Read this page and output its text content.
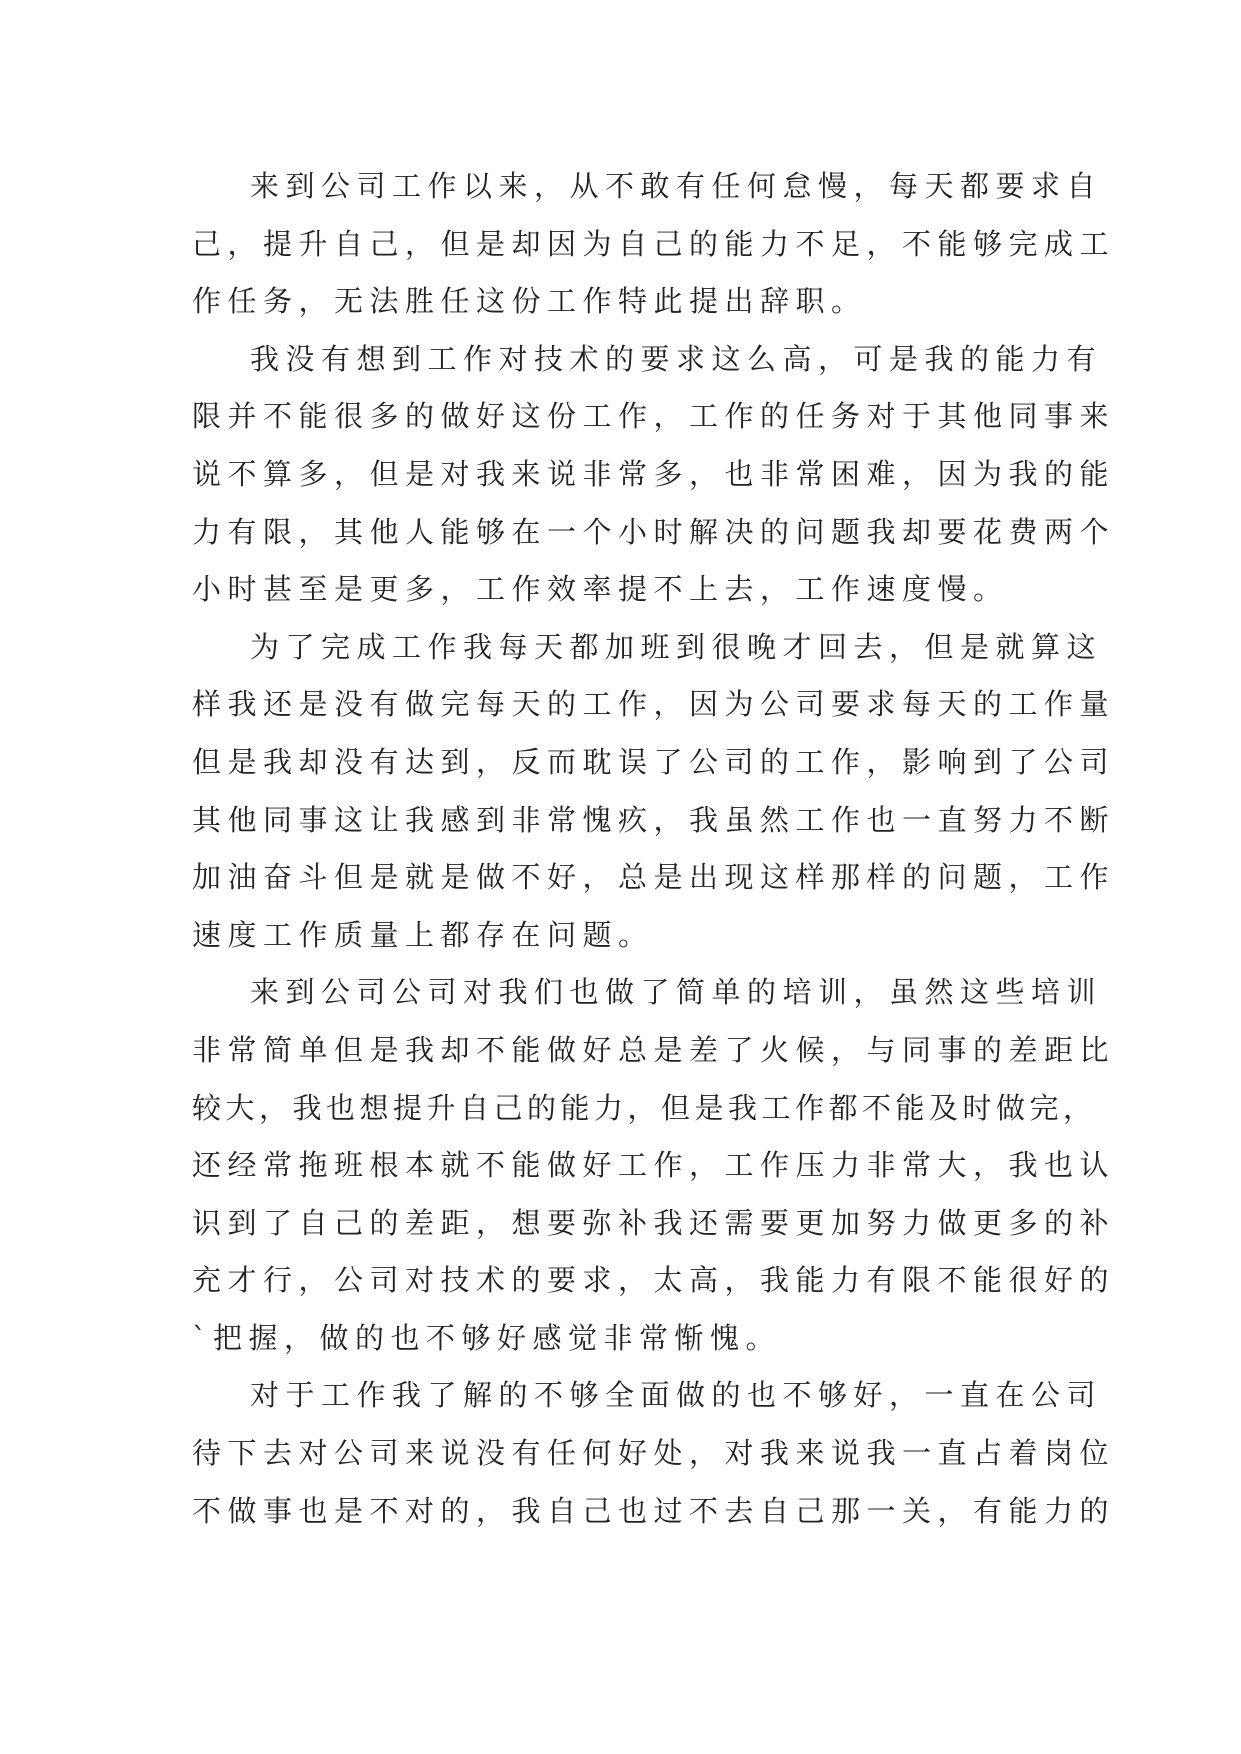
来到公司工作以来，从不敢有任何怠慢，每天都要求自
己，提升自己，但是却因为自己的能力不足，不能够完成工
作任务，无法胜任这份工作特此提出辞职。

我没有想到工作对技术的要求这么高，可是我的能力有
限并不能很多的做好这份工作，工作的任务对于其他同事来
说不算多，但是对我来说非常多，也非常困难，因为我的能
力有限，其他人能够在一个小时解决的问题我却要花费两个
小时甚至是更多，工作效率提不上去，工作速度慢。

为了完成工作我每天都加班到很晚才回去，但是就算这
样我还是没有做完每天的工作，因为公司要求每天的工作量
但是我却没有达到，反而耽误了公司的工作，影响到了公司
其他同事这让我感到非常愧疚，我虽然工作也一直努力不断
加油奋斗但是就是做不好，总是出现这样那样的问题，工作
速度工作质量上都存在问题。

来到公司公司对我们也做了简单的培训，虽然这些培训
非常简单但是我却不能做好总是差了火候，与同事的差距比
较大，我也想提升自己的能力，但是我工作都不能及时做完，
还经常拖班根本就不能做好工作，工作压力非常大，我也认
识到了自己的差距，想要弥补我还需要更加努力做更多的补
充才行，公司对技术的要求，太高，我能力有限不能很好的
`把握，做的也不够好感觉非常惭愧。

对于工作我了解的不够全面做的也不够好，一直在公司
待下去对公司来说没有任何好处，对我来说我一直占着岗位
不做事也是不对的，我自己也过不去自己那一关，有能力的
